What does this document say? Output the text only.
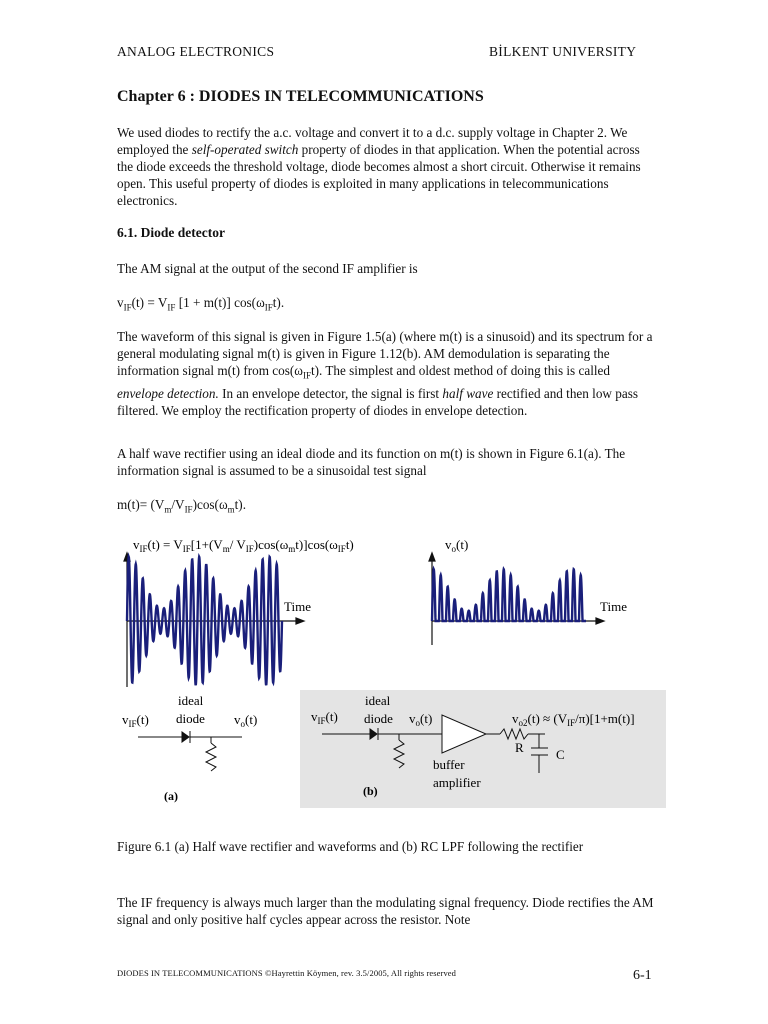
ANALOG ELECTRONICS	BİLKENT UNIVERSITY
Chapter 6 : DIODES IN TELECOMMUNICATIONS
We used diodes to rectify the a.c. voltage and convert it to a d.c. supply voltage in Chapter 2. We employed the self-operated switch property of diodes in that application. When the potential across the diode exceeds the threshold voltage, diode becomes almost a short circuit. Otherwise it remains open. This useful property of diodes is exploited in many applications in telecommunications electronics.
6.1. Diode detector
The AM signal at the output of the second IF amplifier is
$v_{IF}(t) = V_{IF}$ [1 + m(t)] $\cos(\omega_{IF}t)$.
The waveform of this signal is given in Figure 1.5(a) (where m(t) is a sinusoid) and its spectrum for a general modulating signal m(t) is given in Figure 1.12(b). AM demodulation is separating the information signal m(t) from $\cos(\omega_{IF}t)$. The simplest and oldest method of doing this is called envelope detection. In an envelope detector, the signal is first half wave rectified and then low pass filtered. We employ the rectification property of diodes in envelope detection.
A half wave rectifier using an ideal diode and its function on m(t) is shown in Figure 6.1(a). The information signal is assumed to be a sinusoidal test signal
$m(t)= (V_m/V_{IF})\cos(\omega_mt)$.
$v_{IF}(t) = V_{IF}[1+(V_m/$ $V_{IF})\cos(\omega_mt)]\cos(\omega_{IF}t)$	$v_o(t)$
Time	Time
$v_{IF}(t)$
ideal
diode $v_o(t)$
(a)
$v_{IF}(t)$
ideal
diode $v_o(t)$	$v_{o2}(t) \approx (V_{IF}/\pi)[1+m(t)]$
R C
buffer
amplifier
(b)
Figure 6.1 (a) Half wave rectifier and waveforms and (b) RC LPF following the rectifier
The IF frequency is always much larger than the modulating signal frequency. Diode rectifies the AM signal and only positive half cycles appear across the resistor. Note
DIODES IN TELECOMMUNICATIONS ©Hayrettin Köymen, rev. 3.5/2005, All rights reserved	6-1
